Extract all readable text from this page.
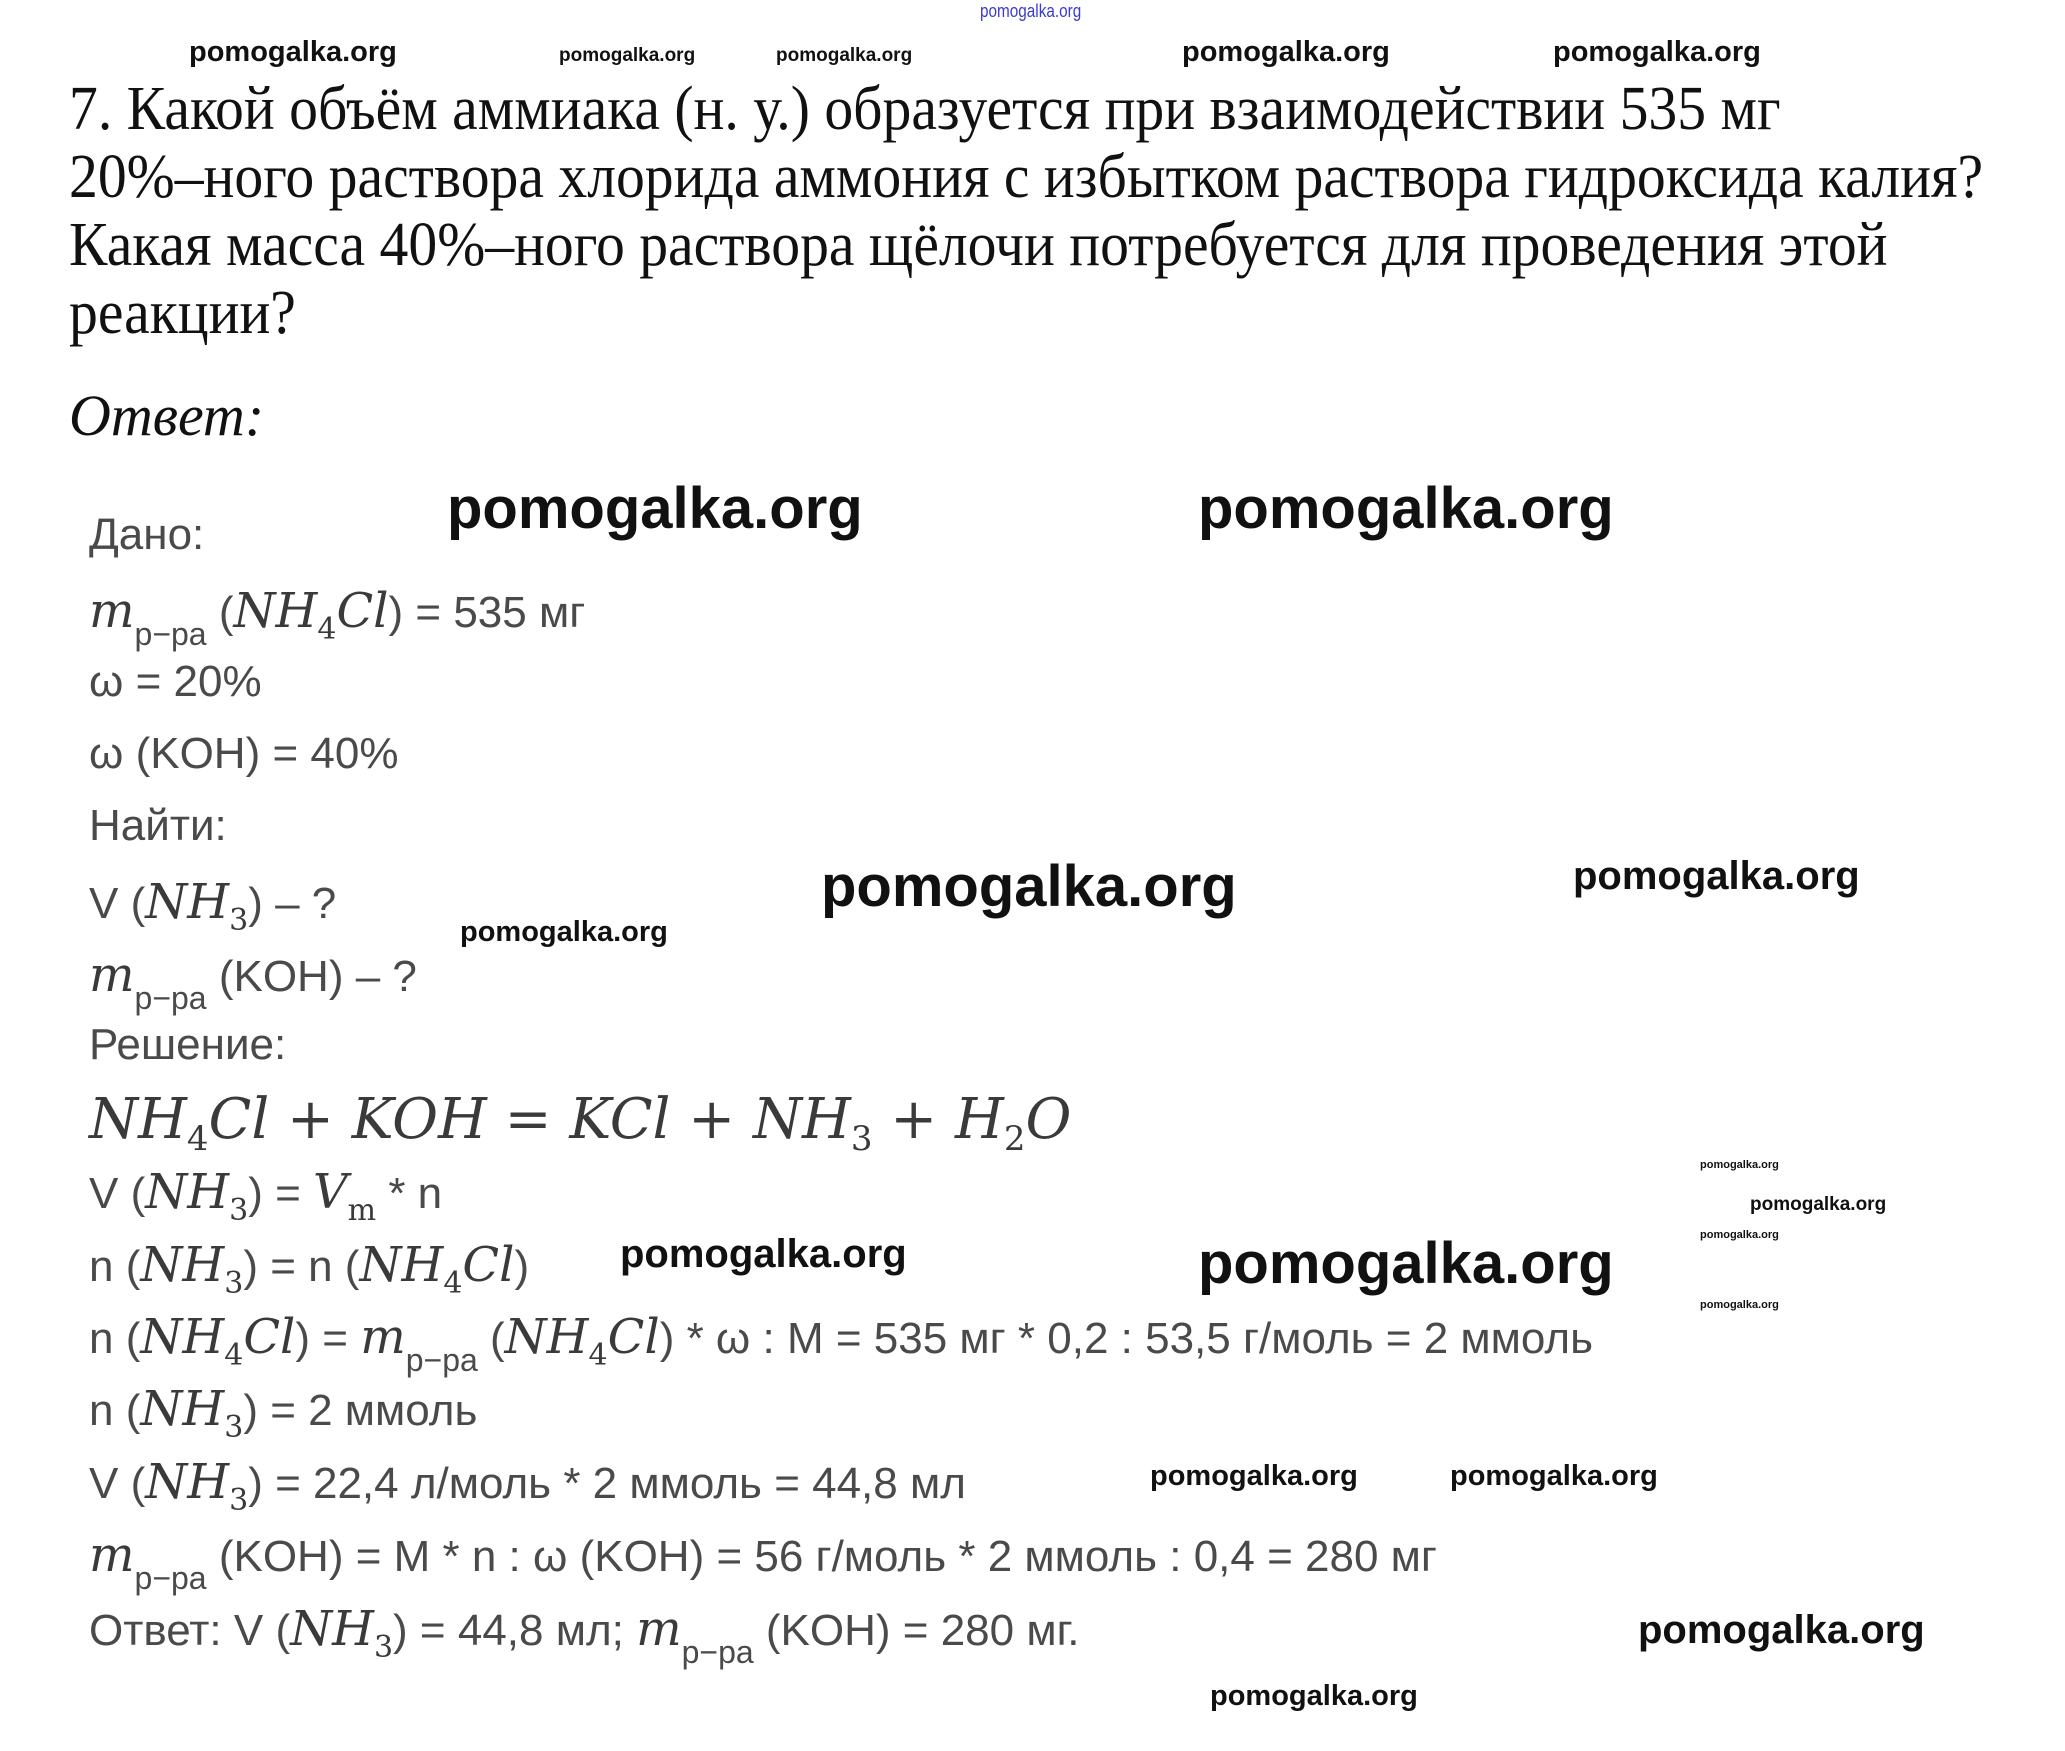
7. Какой объём аммиака (н. у.) образуется при взаимодействии 535 мг
20%–ного раствора хлорида аммония с избытком раствора гидроксида калия?
Какая масса 40%–ного раствора щёлочи потребуется для проведения этой
реакции?
Ответ:
Дано:
$m_{р-ра}$ $(NH_4Cl) = 535$ мг
ω = 20%
ω (KOH) = 40%
Найти:
V $(NH_3)$ – ?
$m_{р-ра}$ (KOH) – ?
Решение:
$NH_4Cl$ + KOH = KCl + $NH_3 + H_2O$
V $(NH_3) = V_m * n$
n $(NH_3) = n$ $(NH_4Cl)$
n $(NH_4Cl) = m_{р-ра}$ $(NH_4Cl)$ * ω : M = 535 мг * 0,2 : 53,5 г/моль = 2 ммоль
n $(NH_3) = 2$ ммоль
V $(NH_3) = 22,4$ л/моль * 2 ммоль = 44,8 мл
$m_{р-ра}$ (KOH) = M * n : ω (KOH) = 56 г/моль * 2 ммоль : 0,4 = 280 мг
Ответ: V $(NH_3) = 44,8$ мл; $m_{р-ра}$ (KOH) = 280 мг.
pomogalka.org
pomogalka.org	pomogalka.org
pomogalka.org
pomogalka.org
pomogalka.org
pomogalka.org
pomogalka.org
pomogalka.org	pomogalka.org	pomogalka.org
pomogalka.org
pomogalka.org	pomogalka.org
pomogalka.org
pomogalka.org	pomogalka.org
pomogalka.org
pomogalka.org
pomogalka.org
pomogalka.org
